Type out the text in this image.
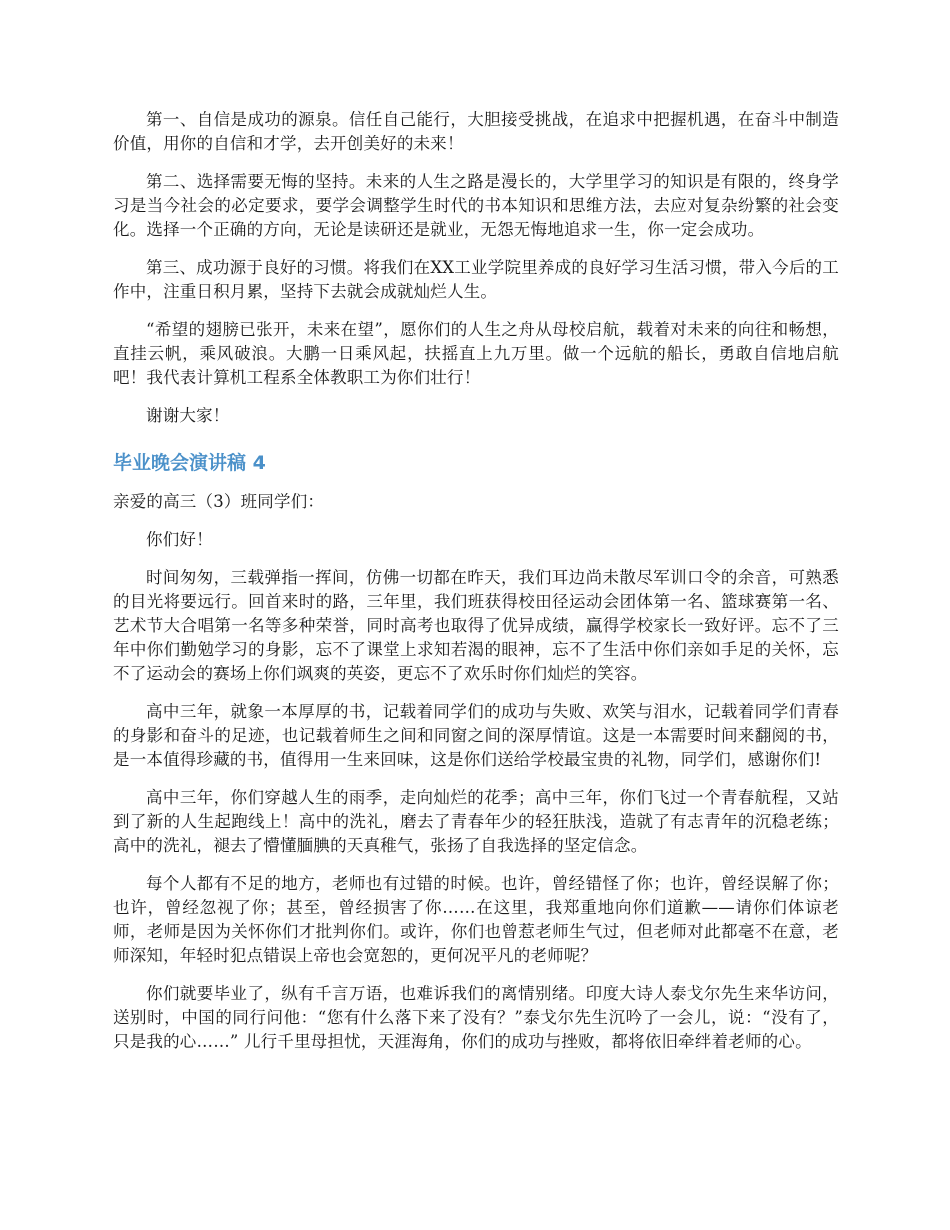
第一、自信是成功的源泉。信任自己能行，大胆接受挑战，在追求中把握机遇，在奋斗中制造价值，用你的自信和才学，去开创美好的未来！

第二、选择需要无悔的坚持。未来的人生之路是漫长的，大学里学习的知识是有限的，终身学习是当今社会的必定要求，要学会调整学生时代的书本知识和思维方法，去应对复杂纷繁的社会变化。选择一个正确的方向，无论是读研还是就业，无怨无悔地追求一生，你一定会成功。

第三、成功源于良好的习惯。将我们在XX工业学院里养成的良好学习生活习惯，带入今后的工作中，注重日积月累，坚持下去就会成就灿烂人生。

“希望的翅膀已张开，未来在望”，愿你们的人生之舟从母校启航，载着对未来的向往和畅想，直挂云帆，乘风破浪。大鹏一日乘风起，扶摇直上九万里。做一个远航的船长，勇敢自信地启航吧！我代表计算机工程系全体教职工为你们壮行！

谢谢大家！

毕业晚会演讲稿 4

亲爱的高三（3）班同学们：

你们好！

时间匆匆，三载弹指一挥间，仿佛一切都在昨天，我们耳边尚未散尽军训口令的余音，可熟悉的目光将要远行。回首来时的路，三年里，我们班获得校田径运动会团体第一名、篮球赛第一名、艺术节大合唱第一名等多种荣誉，同时高考也取得了优异成绩，赢得学校家长一致好评。忘不了三年中你们勤勉学习的身影，忘不了课堂上求知若渴的眼神，忘不了生活中你们亲如手足的关怀，忘不了运动会的赛场上你们飒爽的英姿，更忘不了欢乐时你们灿烂的笑容。

高中三年，就象一本厚厚的书，记载着同学们的成功与失败、欢笑与泪水，记载着同学们青春的身影和奋斗的足迹，也记载着师生之间和同窗之间的深厚情谊。这是一本需要时间来翻阅的书，是一本值得珍藏的书，值得用一生来回味，这是你们送给学校最宝贵的礼物，同学们，感谢你们!

高中三年，你们穿越人生的雨季，走向灿烂的花季；高中三年，你们飞过一个青春航程，又站到了新的人生起跑线上！高中的洗礼，磨去了青春年少的轻狂肤浅，造就了有志青年的沉稳老练；高中的洗礼，褪去了懵懂腼腆的天真稚气，张扬了自我选择的坚定信念。

每个人都有不足的地方，老师也有过错的时候。也许，曾经错怪了你；也许，曾经误解了你；也许，曾经忽视了你；甚至，曾经损害了你……在这里，我郑重地向你们道歉——请你们体谅老师，老师是因为关怀你们才批判你们。或许，你们也曾惹老师生气过，但老师对此都毫不在意，老师深知，年轻时犯点错误上帝也会宽恕的，更何况平凡的老师呢？

你们就要毕业了，纵有千言万语，也难诉我们的离情别绪。印度大诗人泰戈尔先生来华访问，送别时，中国的同行问他：“您有什么落下来了没有？”泰戈尔先生沉吟了一会儿，说：“没有了，只是我的心……” 儿行千里母担忧，天涯海角，你们的成功与挫败，都将依旧牵绊着老师的心。
